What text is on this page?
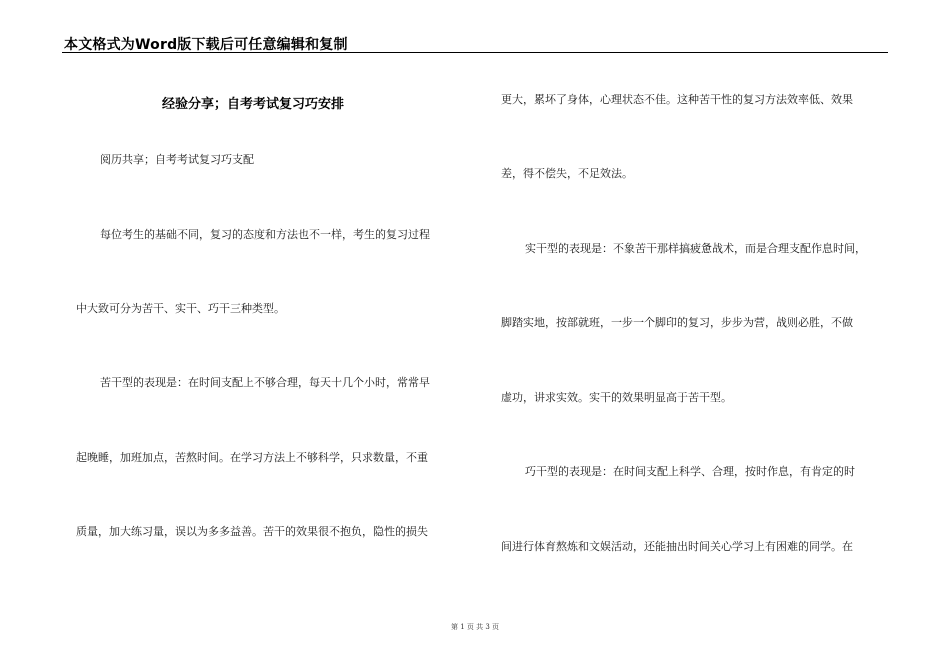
本文格式为Word版下载后可任意编辑和复制
经验分享；自考考试复习巧安排
阅历共享；自考考试复习巧支配
每位考生的基础不同，复习的态度和方法也不一样，考生的复习过程
中大致可分为苦干、实干、巧干三种类型。
苦干型的表现是：在时间支配上不够合理，每天十几个小时，常常早
起晚睡，加班加点，苦熬时间。在学习方法上不够科学，只求数量，不重
质量，加大练习量，误以为多多益善。苦干的效果很不抱负，隐性的损失
更大，累坏了身体，心理状态不佳。这种苦干性的复习方法效率低、效果
差，得不偿失，不足效法。
实干型的表现是：不象苦干那样搞疲惫战术，而是合理支配作息时间，
脚踏实地，按部就班，一步一个脚印的复习，步步为营，战则必胜，不做
虚功，讲求实效。实干的效果明显高于苦干型。
巧干型的表现是：在时间支配上科学、合理，按时作息，有肯定的时
间进行体育熬炼和文娱活动，还能抽出时间关心学习上有困难的同学。在
第 1 页 共 3 页
